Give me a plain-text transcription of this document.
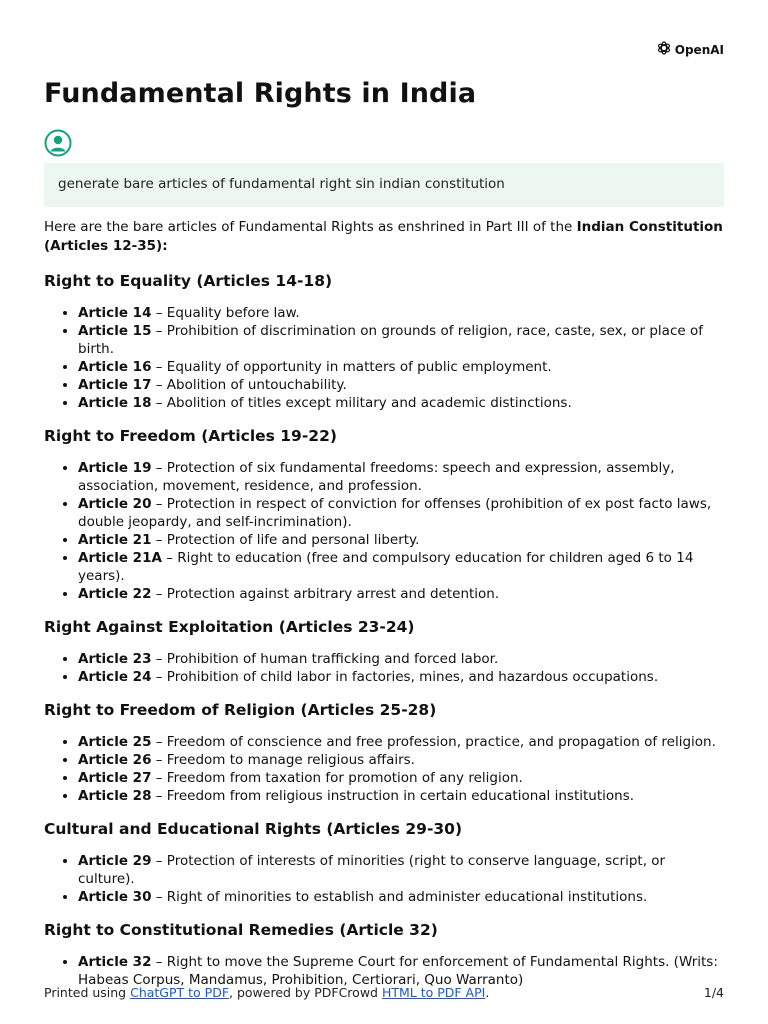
OpenAI
Fundamental Rights in India
generate bare articles of fundamental right sin indian constitution

Here are the bare articles of Fundamental Rights as enshrined in Part III of the Indian Constitution (Articles 12-35):

Right to Equality (Articles 14-18)
• Article 14 – Equality before law.
• Article 15 – Prohibition of discrimination on grounds of religion, race, caste, sex, or place of birth.
• Article 16 – Equality of opportunity in matters of public employment.
• Article 17 – Abolition of untouchability.
• Article 18 – Abolition of titles except military and academic distinctions.
Right to Freedom (Articles 19-22)
• Article 19 – Protection of six fundamental freedoms: speech and expression, assembly, association, movement, residence, and profession.
• Article 20 – Protection in respect of conviction for offenses (prohibition of ex post facto laws, double jeopardy, and self-incrimination).
• Article 21 – Protection of life and personal liberty.
• Article 21A – Right to education (free and compulsory education for children aged 6 to 14 years).
• Article 22 – Protection against arbitrary arrest and detention.
Right Against Exploitation (Articles 23-24)
• Article 23 – Prohibition of human trafficking and forced labor.
• Article 24 – Prohibition of child labor in factories, mines, and hazardous occupations.
Right to Freedom of Religion (Articles 25-28)
• Article 25 – Freedom of conscience and free profession, practice, and propagation of religion.
• Article 26 – Freedom to manage religious affairs.
• Article 27 – Freedom from taxation for promotion of any religion.
• Article 28 – Freedom from religious instruction in certain educational institutions.
Cultural and Educational Rights (Articles 29-30)
• Article 29 – Protection of interests of minorities (right to conserve language, script, or culture).
• Article 30 – Right of minorities to establish and administer educational institutions.
Right to Constitutional Remedies (Article 32)
• Article 32 – Right to move the Supreme Court for enforcement of Fundamental Rights. (Writs: Habeas Corpus, Mandamus, Prohibition, Certiorari, Quo Warranto)
Printed using ChatGPT to PDF, powered by PDFCrowd HTML to PDF API.	1/4
